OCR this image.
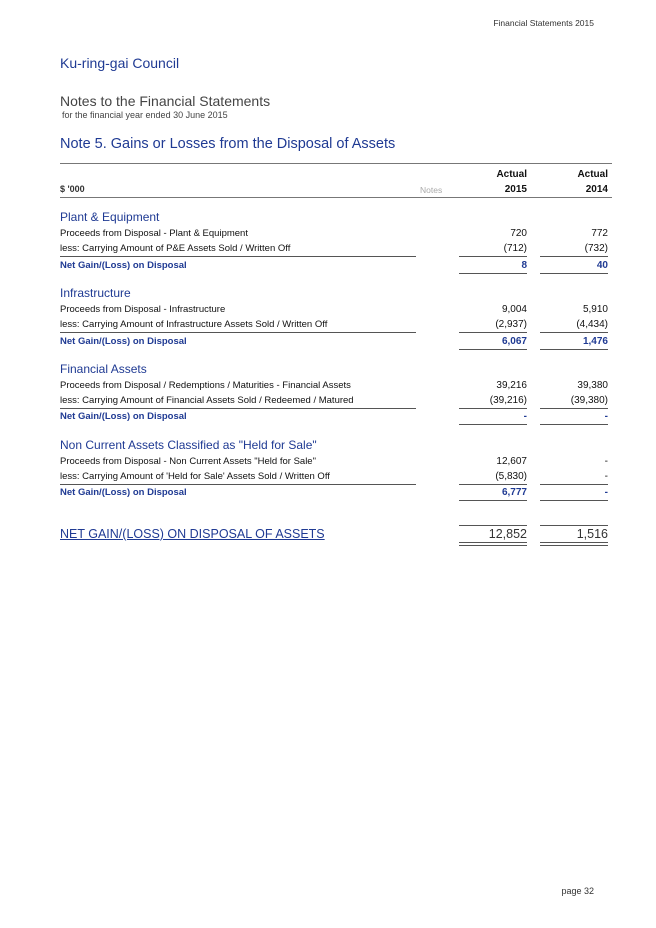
Financial Statements 2015
Ku-ring-gai Council
Notes to the Financial Statements
for the financial year ended 30 June 2015
Note 5. Gains or Losses from the Disposal of Assets
$ '000	Notes
Actual
2015
Actual
2014
Plant & Equipment
Proceeds from Disposal - Plant & Equipment	720	772
less: Carrying Amount of P&E Assets Sold / Written Off	(712)	(732)
Net Gain/(Loss) on Disposal	8	40
Infrastructure
Proceeds from Disposal - Infrastructure	9,004	5,910
less: Carrying Amount of Infrastructure Assets Sold / Written Off	(2,937)	(4,434)
Net Gain/(Loss) on Disposal	6,067	1,476
Financial Assets
Proceeds from Disposal / Redemptions / Maturities - Financial Assets	39,216	39,380
less: Carrying Amount of Financial Assets Sold / Redeemed / Matured	(39,216)	(39,380)
Net Gain/(Loss) on Disposal	-	-
Non Current Assets Classified as "Held for Sale"
Proceeds from Disposal - Non Current Assets "Held for Sale"	12,607	-
less: Carrying Amount of 'Held for Sale' Assets Sold / Written Off	(5,830)	-
Net Gain/(Loss) on Disposal	6,777	-
NET GAIN/(LOSS) ON DISPOSAL OF ASSETS	12,852	1,516
page 32
